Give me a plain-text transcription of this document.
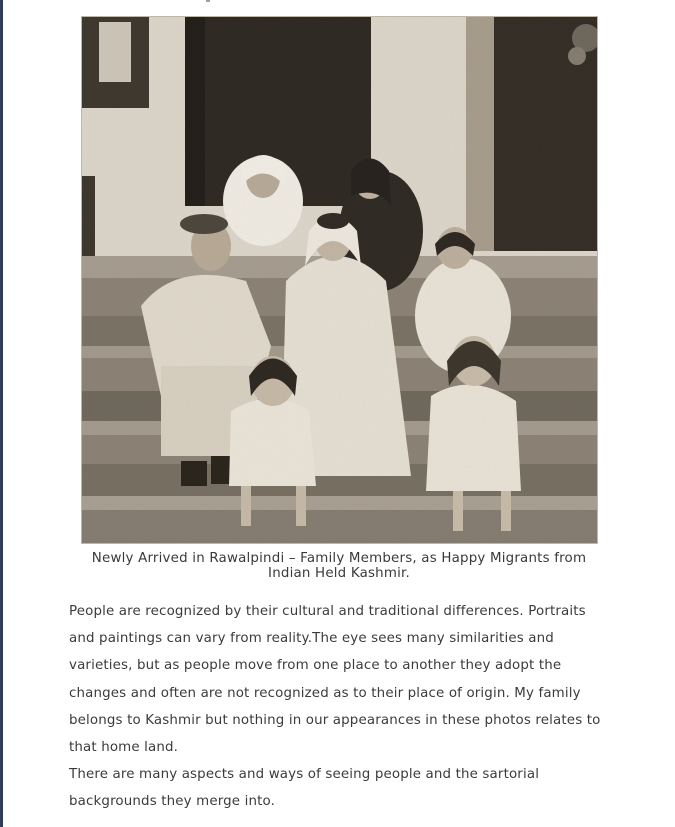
Newly Arrived in Rawalpindi – Family Members, as Happy Migrants from Indian Held Kashmir.

People are recognized by their cultural and traditional differences. Portraits and paintings can vary from reality.The eye sees many similarities and varieties, but as people move from one place to another they adopt the changes and often are not recognized as to their place of origin. My family belongs to Kashmir but nothing in our appearances in these photos relates to that home land.

There are many aspects and ways of seeing people and the sartorial backgrounds they merge into.
